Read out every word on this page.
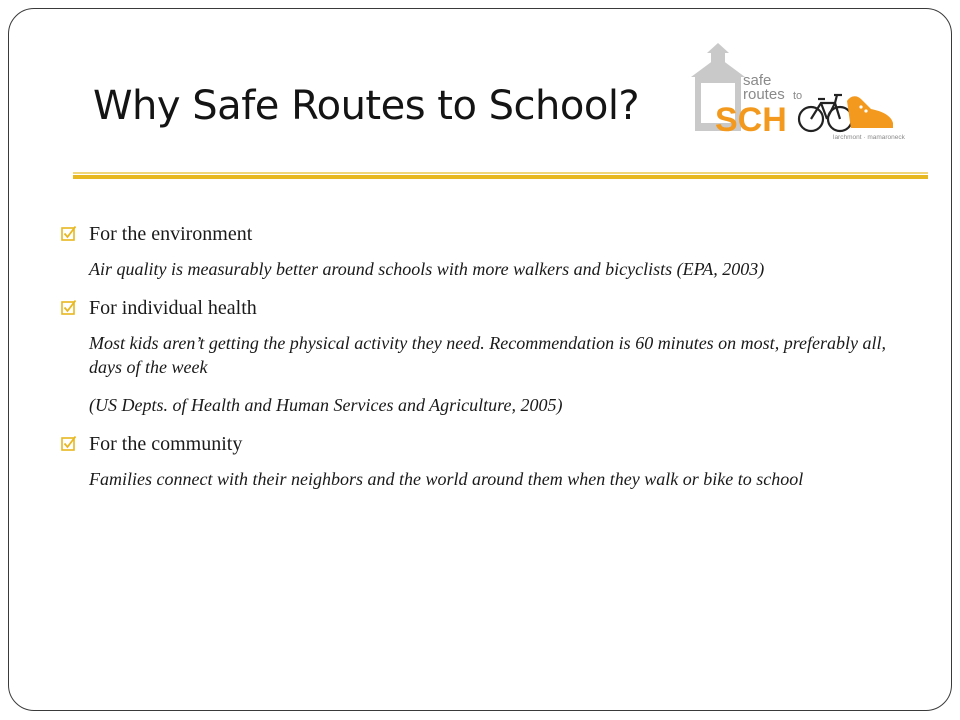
Why Safe Routes to School? SCH
safe
routes to
larchmont · mamaroneck
For the environment
Air quality is measurably better around schools with more walkers and bicyclists (EPA, 2003)
For individual health
Most kids aren’t getting the physical activity they need. Recommendation is 60 minutes on most, preferably all, days of the week
(US Depts. of Health and Human Services and Agriculture, 2005)
For the community
Families connect with their neighbors and the world around them when they walk or bike to school
